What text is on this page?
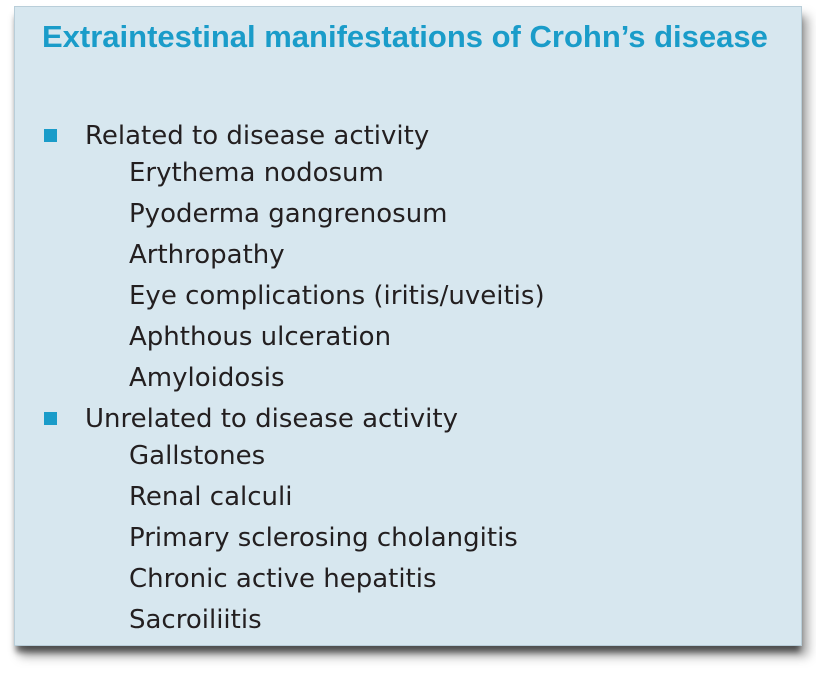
Extraintestinal manifestations of Crohn’s disease
Related to disease activity
Erythema nodosum
Pyoderma gangrenosum
Arthropathy
Eye complications (iritis/uveitis)
Aphthous ulceration
Amyloidosis
Unrelated to disease activity
Gallstones
Renal calculi
Primary sclerosing cholangitis
Chronic active hepatitis
Sacroiliitis
